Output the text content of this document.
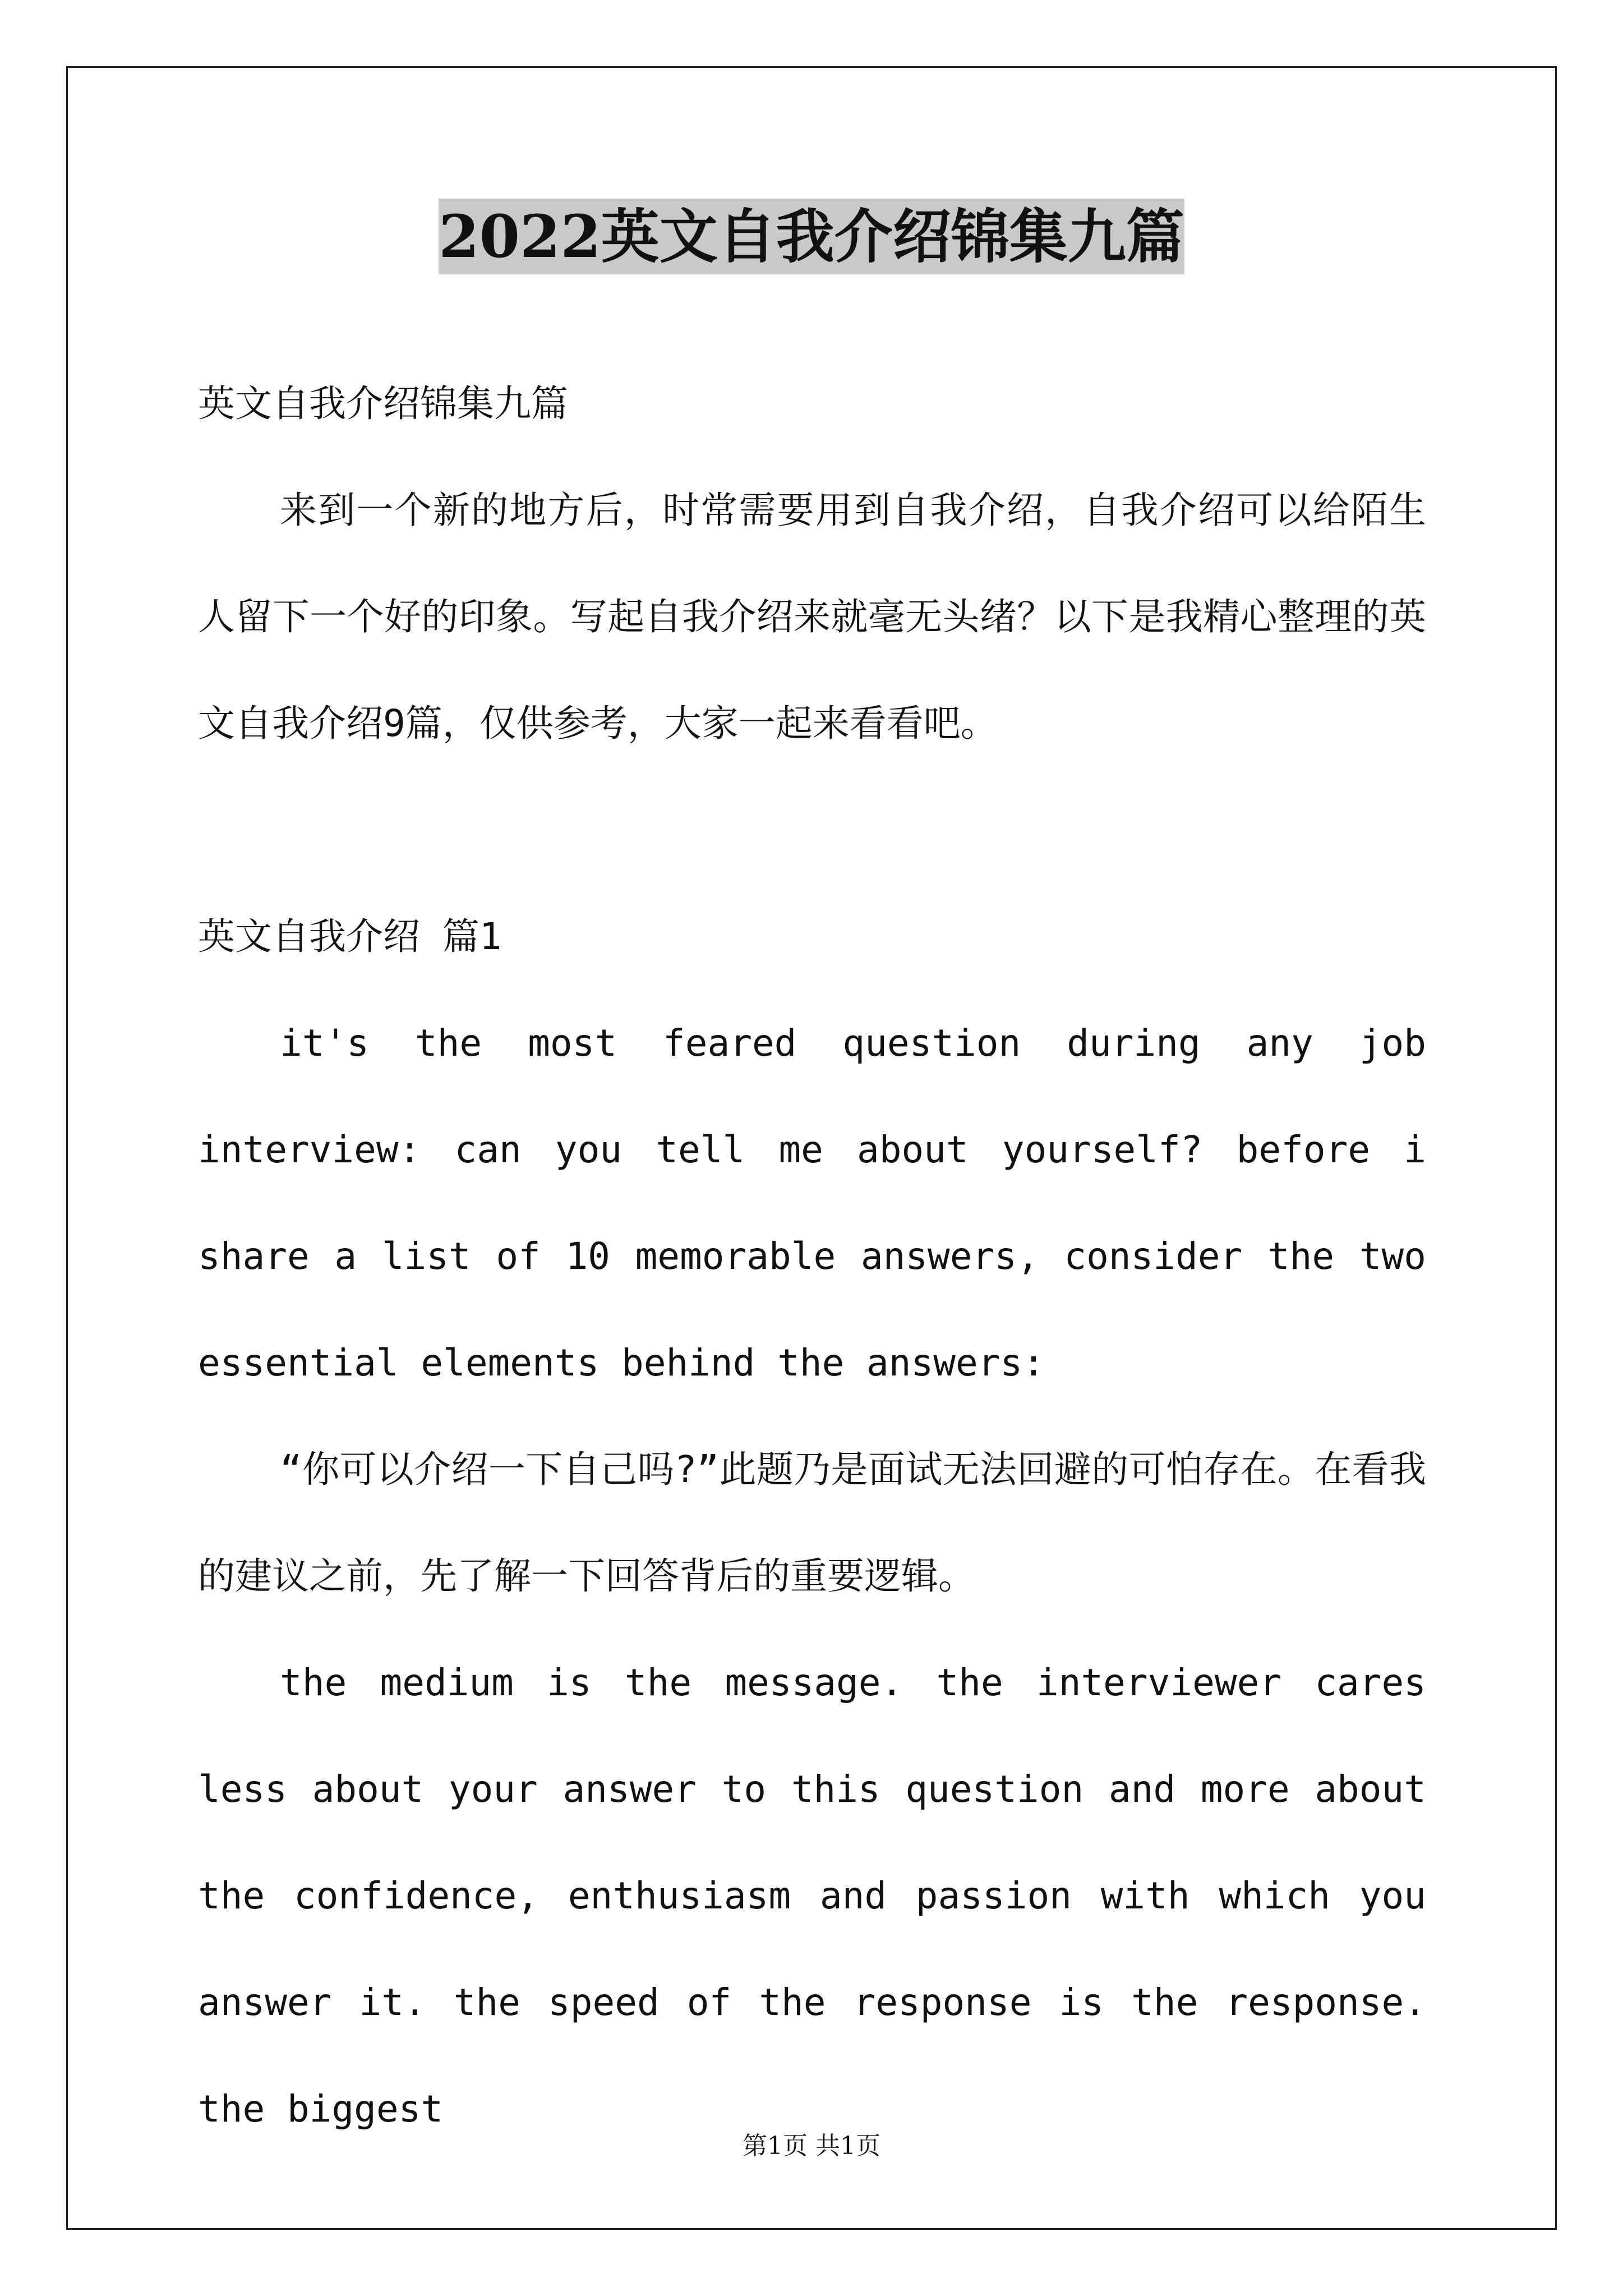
2022英文自我介绍锦集九篇

英文自我介绍锦集九篇

来到一个新的地方后，时常需要用到自我介绍，自我介绍可以给陌生人留下一个好的印象。写起自我介绍来就毫无头绪？以下是我精心整理的英文自我介绍9篇，仅供参考，大家一起来看看吧。

英文自我介绍 篇1

it's the most feared question during any job interview: can you tell me about yourself? before i share a list of 10 memorable answers, consider the two essential elements behind the answers:

“你可以介绍一下自己吗?”此题乃是面试无法回避的可怕存在。在看我的建议之前，先了解一下回答背后的重要逻辑。

the medium is the message. the interviewer cares less about your answer to this question and more about the confidence, enthusiasm and passion with which you answer it. the speed of the response is the response. the biggest

第1页 共1页
